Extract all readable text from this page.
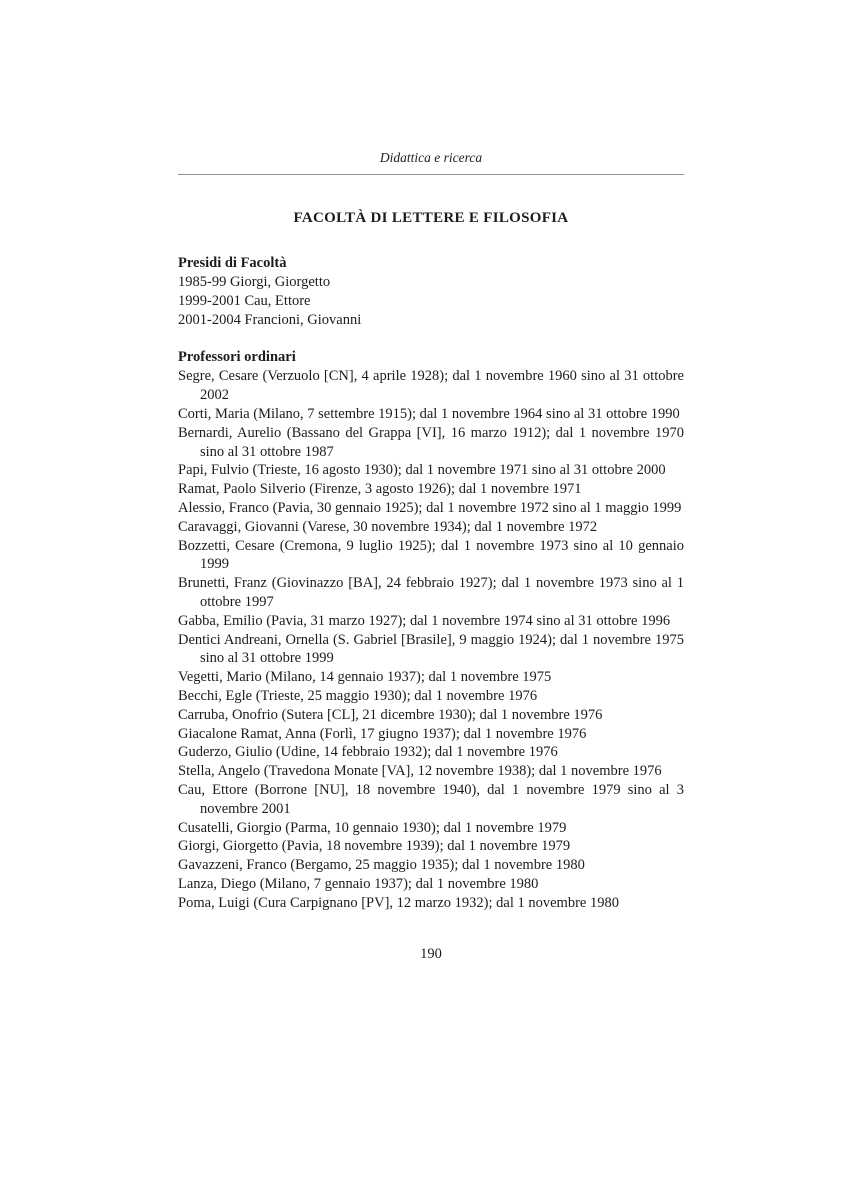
Didattica e ricerca
FACOLTÀ DI LETTERE E FILOSOFIA
Presidi di Facoltà

1985-99 Giorgi, Giorgetto

1999-2001 Cau, Ettore

2001-2004 Francioni, Giovanni

Professori ordinari

Segre, Cesare (Verzuolo [CN], 4 aprile 1928); dal 1 novembre 1960 sino al 31 ottobre 2002

Corti, Maria (Milano, 7 settembre 1915); dal 1 novembre 1964 sino al 31 ottobre 1990

Bernardi, Aurelio (Bassano del Grappa [VI], 16 marzo 1912); dal 1 novembre 1970 sino al 31 ottobre 1987

Papi, Fulvio (Trieste, 16 agosto 1930); dal 1 novembre 1971 sino al 31 ottobre 2000

Ramat, Paolo Silverio (Firenze, 3 agosto 1926); dal 1 novembre 1971

Alessio, Franco (Pavia, 30 gennaio 1925); dal 1 novembre 1972 sino al 1 maggio 1999

Caravaggi, Giovanni (Varese, 30 novembre 1934); dal 1 novembre 1972

Bozzetti, Cesare (Cremona, 9 luglio 1925); dal 1 novembre 1973 sino al 10 gennaio 1999

Brunetti, Franz (Giovinazzo [BA], 24 febbraio 1927); dal 1 novembre 1973 sino al 1 ottobre 1997

Gabba, Emilio (Pavia, 31 marzo 1927); dal 1 novembre 1974 sino al 31 ottobre 1996

Dentici Andreani, Ornella (S. Gabriel [Brasile], 9 maggio 1924); dal 1 novembre 1975 sino al 31 ottobre 1999

Vegetti, Mario (Milano, 14 gennaio 1937); dal 1 novembre 1975

Becchi, Egle (Trieste, 25 maggio 1930); dal 1 novembre 1976

Carruba, Onofrio (Sutera [CL], 21 dicembre 1930); dal 1 novembre 1976

Giacalone Ramat, Anna (Forlì, 17 giugno 1937); dal 1 novembre 1976

Guderzo, Giulio (Udine, 14 febbraio 1932); dal 1 novembre 1976

Stella, Angelo (Travedona Monate [VA], 12 novembre 1938); dal 1 novembre 1976

Cau, Ettore (Borrone [NU], 18 novembre 1940), dal 1 novembre 1979 sino al 3 novembre 2001

Cusatelli, Giorgio (Parma, 10 gennaio 1930); dal 1 novembre 1979

Giorgi, Giorgetto (Pavia, 18 novembre 1939); dal 1 novembre 1979

Gavazzeni, Franco (Bergamo, 25 maggio 1935); dal 1 novembre 1980

Lanza, Diego (Milano, 7 gennaio 1937); dal 1 novembre 1980

Poma, Luigi (Cura Carpignano [PV], 12 marzo 1932); dal 1 novembre 1980

190
